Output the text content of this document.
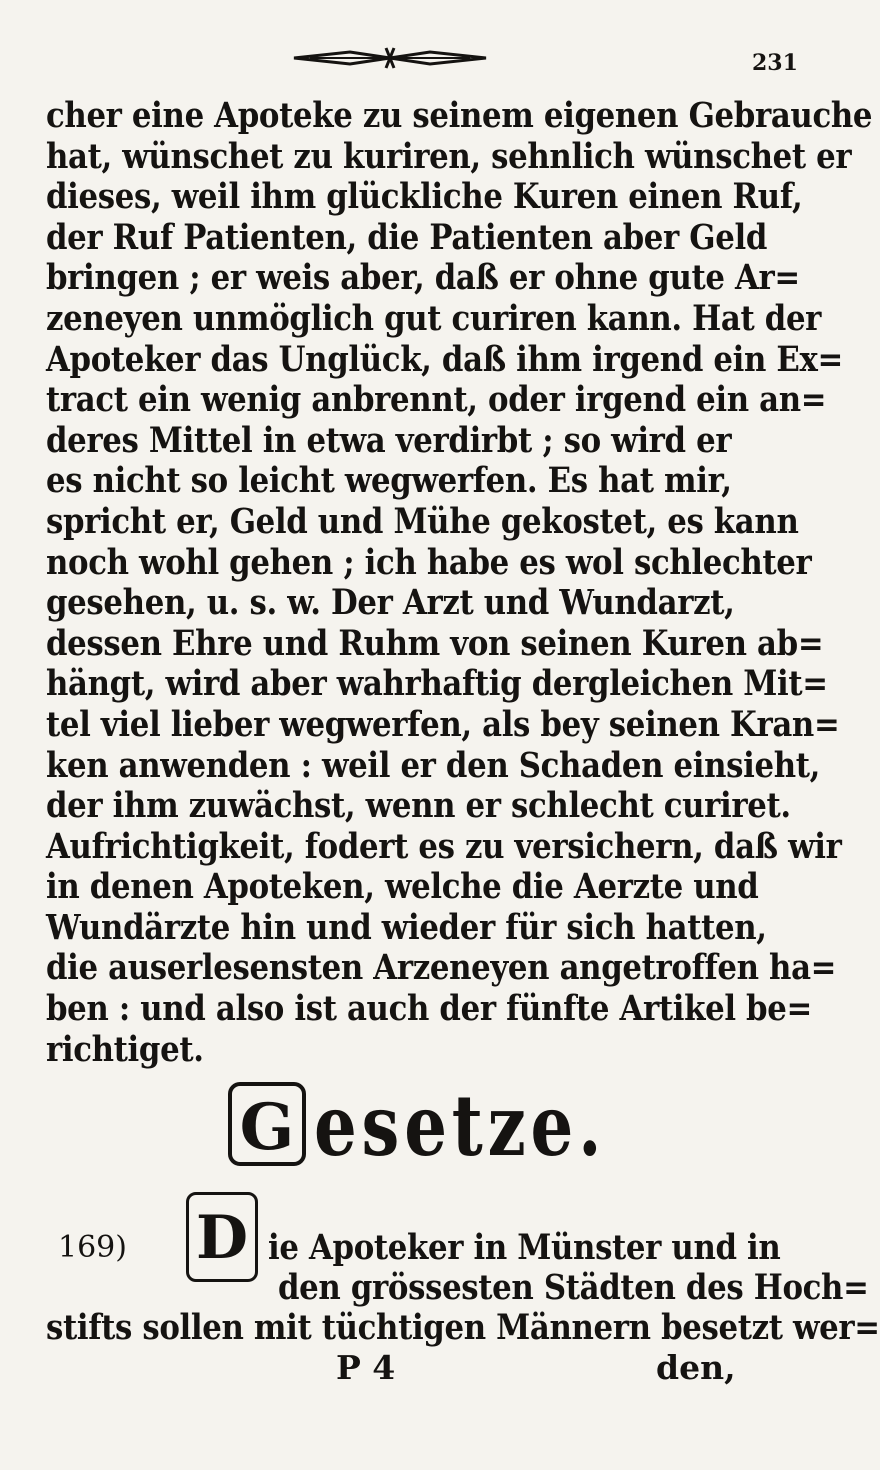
231
cher eine Apoteke zu seinem eigenen Gebrauche
hat, wünschet zu kuriren, sehnlich wünschet er
dieses, weil ihm glückliche Kuren einen Ruf,
der Ruf Patienten, die Patienten aber Geld
bringen ; er weis aber, daß er ohne gute Ar=
zeneyen unmöglich gut curiren kann. Hat der
Apoteker das Unglück, daß ihm irgend ein Ex=
tract ein wenig anbrennt, oder irgend ein an=
deres Mittel in etwa verdirbt ; so wird er
es nicht so leicht wegwerfen. Es hat mir,
spricht er, Geld und Mühe gekostet, es kann
noch wohl gehen ; ich habe es wol schlechter
gesehen, u. s. w. Der Arzt und Wundarzt,
dessen Ehre und Ruhm von seinen Kuren ab=
hängt, wird aber wahrhaftig dergleichen Mit=
tel viel lieber wegwerfen, als bey seinen Kran=
ken anwenden : weil er den Schaden einsieht,
der ihm zuwächst, wenn er schlecht curiret.
Aufrichtigkeit, fodert es zu versichern, daß wir
in denen Apoteken, welche die Aerzte und
Wundärzte hin und wieder für sich hatten,
die auserlesensten Arzeneyen angetroffen ha=
ben : und also ist auch der fünfte Artikel be=
richtiget.
G esetze.
169) D ie Apoteker in Münster und in
den grössesten Städten des Hoch=
stifts sollen mit tüchtigen Männern besetzt wer=
P 4	den,
